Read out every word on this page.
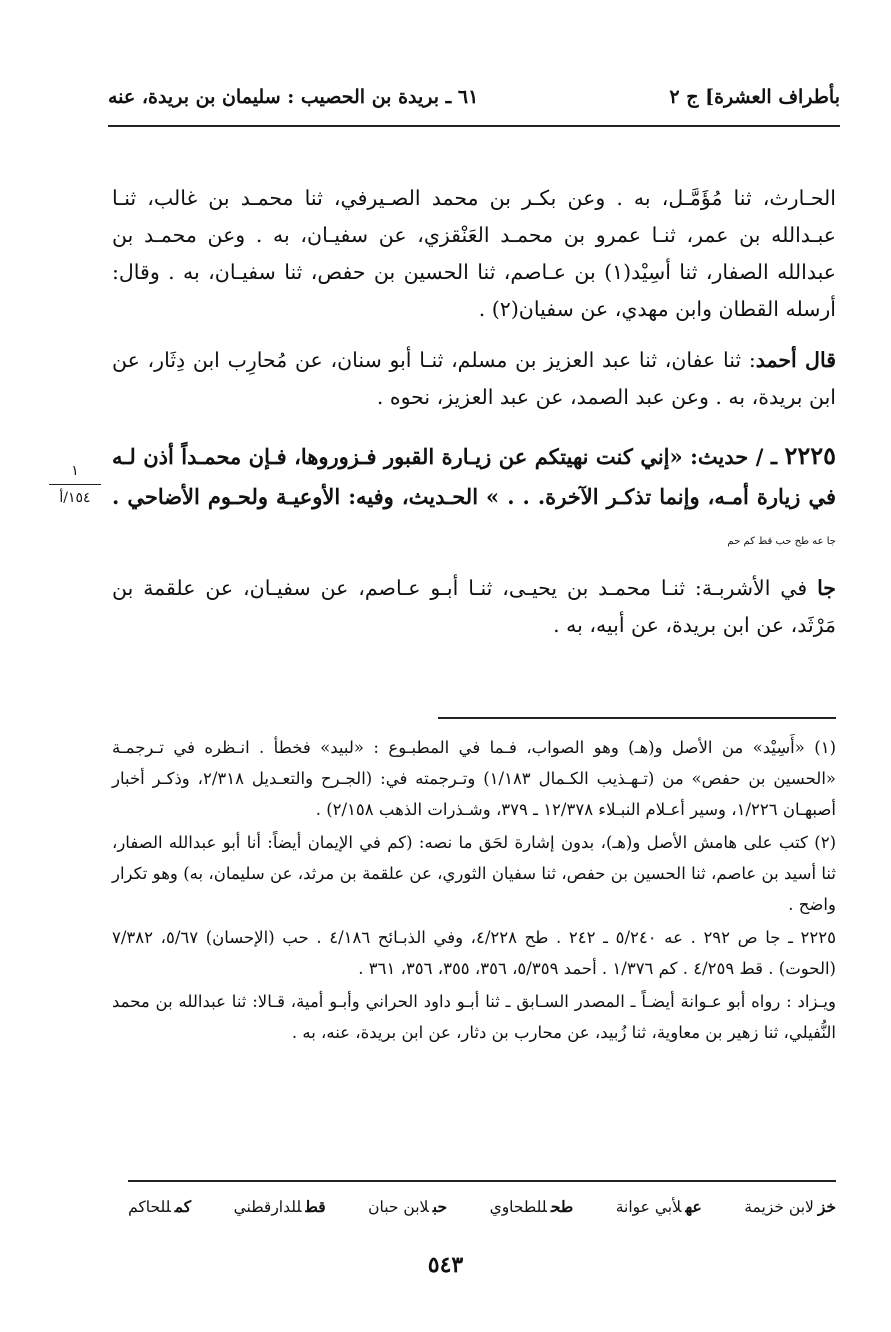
بأطراف العشرة] ج ٢
٦١ ـ بريدة بن الحصيب : سليمان بن بريدة، عنه

الحـارث، ثنا مُؤَمَّـل، به . وعن بكـر بن محمد الصـيرفي، ثنا محمـد بن غالب، ثنـا عبـدالله بن عمر، ثنـا عمرو بن محمـد العَنْقزي، عن سفيـان، به . وعن محمـد بن عبدالله الصفار، ثنا أسِيْد(١) بن عـاصم، ثنا الحسين بن حفص، ثنا سفيـان، به . وقال: أرسله القطان وابن مهدي، عن سفيان(٢) .

قال أحمد: ثنا عفان، ثنا عبد العزيز بن مسلم، ثنـا أبو سنان، عن مُحارِب ابن دِثَار، عن ابن بريدة، به . وعن عبد الصمد، عن عبد العزيز، نحوه .

٢٢٢٥ ـ / حديث: «إني كنت نهيتكم عن زيـارة القبور فـزوروها، فـإن محمـداً أذن لـه في زيارة أمـه، وإنما تذكـر الآخرة. . . » الحـديث، وفيه: الأوعيـة ولحـوم الأضاحي . جا عه طح حب قط كم حم

جا في الأشربـة: ثنـا محمـد بن يحيـى، ثنـا أبـو عـاصم، عن سفيـان، عن علقمة بن مَرْثَد، عن ابن بريدة، عن أبيه، به .

١
١٥٤/أ

(١) «أَسِيْد» من الأصل و(هـ) وهو الصواب، فـما في المطبـوع : «لبيد» فخطأ . انـظره في تـرجمـة «الحسين بن حفص» من (تـهـذيب الكـمال ١/١٨٣) وتـرجمته في: (الجـرح والتعـديل ٢/٣١٨، وذكـر أخبار أصبهـان ١/٢٢٦، وسير أعـلام النبـلاء ١٢/٣٧٨ ـ ٣٧٩، وشـذرات الذهب ٢/١٥٨) .

(٢) كتب على هامش الأصل و(هـ)، بدون إشارة لحَق ما نصه: (كم في الإيمان أيضاً: أنا أبو عبدالله الصفار، ثنا أسيد بن عاصم، ثنا الحسين بن حفص، ثنا سفيان الثوري، عن علقمة بن مرثد، عن سليمان، به) وهو تكرار واضح .

٢٢٢٥ ـ جا ص ٢٩٢ . عه ٥/٢٤٠ ـ ٢٤٢ . طح ٤/٢٢٨، وفي الذبـائح ٤/١٨٦ . حب (الإحسان) ٥/٦٧، ٧/٣٨٢ (الحوت) . قط ٤/٢٥٩ . كم ١/٣٧٦ . أحمد ٥/٣٥٩، ٣٥٦، ٣٥٥، ٣٥٦، ٣٦١ .

ويـزاد : رواه أبو عـوانة أيضـاً ـ المصدر السـابق ـ ثنا أبـو داود الحراني وأبـو أمية، قـالا: ثنا عبدالله بن محمد النُّفيلي، ثنا زهير بن معاوية، ثنا زُبيد، عن محارب بن دثار، عن ابن بريدة، عنه، به .

خزلابن خزيمة
عهلأبي عوانة
طحللطحاوي
حبلابن حبان
قطللدارقطني
كمللحاكم
٥٤٣
